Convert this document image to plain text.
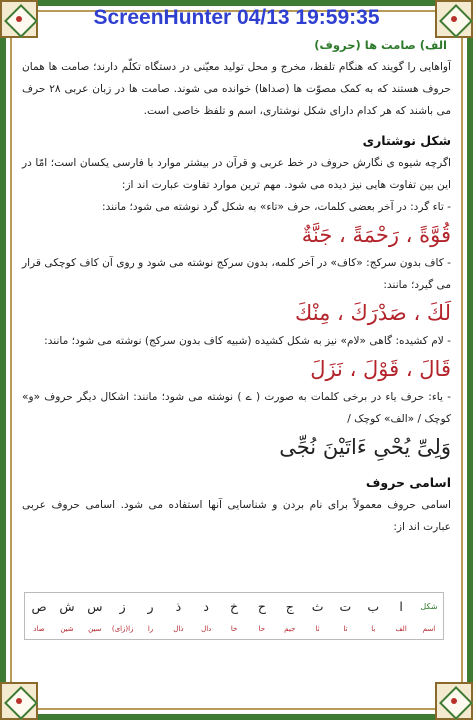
ScreenHunter 04/13 19:59:35
الف) صامت ها (حروف)

آواهایی را گویند که هنگام تلفظ، مخرج و محل تولید معیّنی در دستگاه تکلّم دارند؛ صامت ها همان حروف هستند که به کمک مصوّت ها (صداها) خوانده می شوند. صامت ها در زبان عربی ۲۸ حرف می باشند که هر کدام دارای شکل نوشتاری، اسم و تلفظ خاصی است.

شکل نوشتاری

اگرچه شیوه ی نگارش حروف در خط عربی و قرآن در بیشتر موارد با فارسی یکسان است؛ امّا در این بین تفاوت هایی نیز دیده می شود. مهم ترین موارد تفاوت عبارت اند از:

- تاء گرد: در آخر بعضی کلمات، حرف «تاء» به شکل گرد نوشته می شود؛ مانند:

قُوَّةً ، رَحْمَةً ، جَنَّةٌ

- کاف بدون سرکج: «کاف» در آخر کلمه، بدون سرکج نوشته می شود و روی آن کاف کوچکی قرار می گیرد؛ مانند:

لَكَ ، صَدْرَكَ ، مِنْكَ

- لام کشیده: گاهی «لام» نیز به شکل کشیده (شبیه کاف بدون سرکج) نوشته می شود؛ مانند:

قَالَ ، قَوْلَ ، نَزَلَ

- یاء: حرف یاء در برخی کلمات به صورت ( ے ) نوشته می شود؛ مانند: اشکال دیگر حروف «و» کوچک / «الف» کوچک /

وَلِیِّ یُحْیِ ءَاتَیْنَ نُجِّی
اسامی حروف

اسامی حروف معمولاً برای نام بردن و شناسایی آنها استفاده می شود. اسامی حروف عربی عبارت اند از:

شکل	ا	ب	ت	ث	ج	ح	خ	د	ذ	ر	ز	س	ش	ص
اسم	الف	با	تا	ثا	جیم	حا	خا	دال	ذال	را	زا(زای)	سین	شین	صاد
